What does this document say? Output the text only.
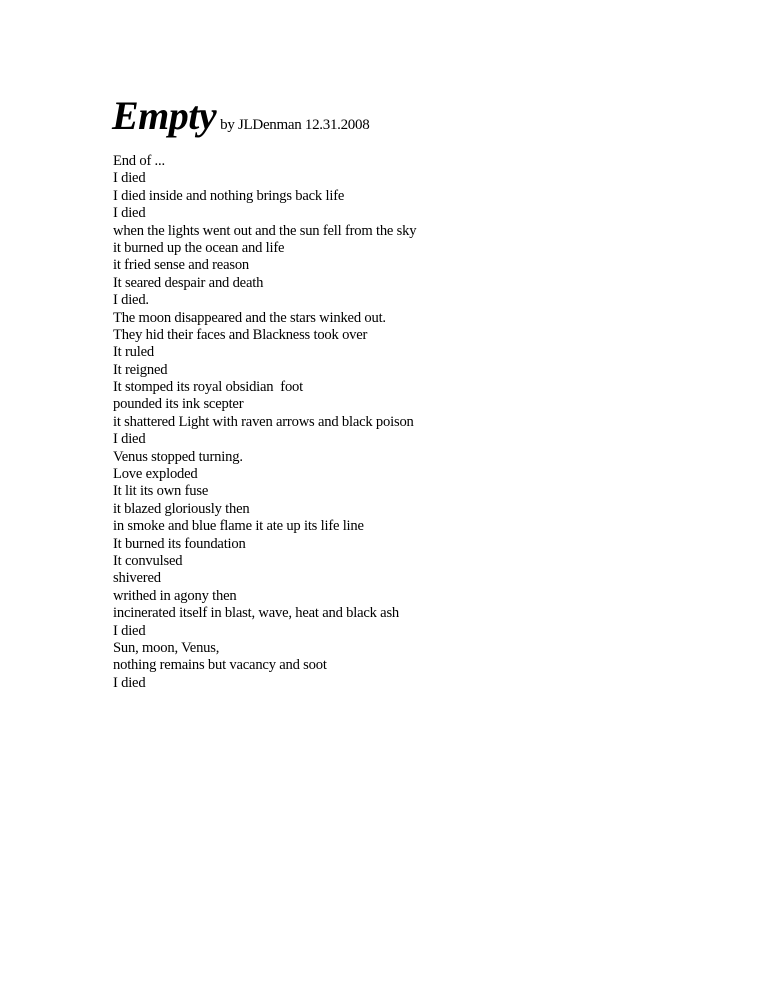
Empty by JLDenman 12.31.2008
End of ...
I died
I died inside and nothing brings back life
I died
when the lights went out and the sun fell from the sky
it burned up the ocean and life
it fried sense and reason
It seared despair and death
I died.
The moon disappeared and the stars winked out.
They hid their faces and Blackness took over
It ruled
It reigned
It stomped its royal obsidian  foot
pounded its ink scepter
it shattered Light with raven arrows and black poison
I died
Venus stopped turning.
Love exploded
It lit its own fuse
it blazed gloriously then
in smoke and blue flame it ate up its life line
It burned its foundation
It convulsed
shivered
writhed in agony then
incinerated itself in blast, wave, heat and black ash
I died
Sun, moon, Venus,
nothing remains but vacancy and soot
I died
